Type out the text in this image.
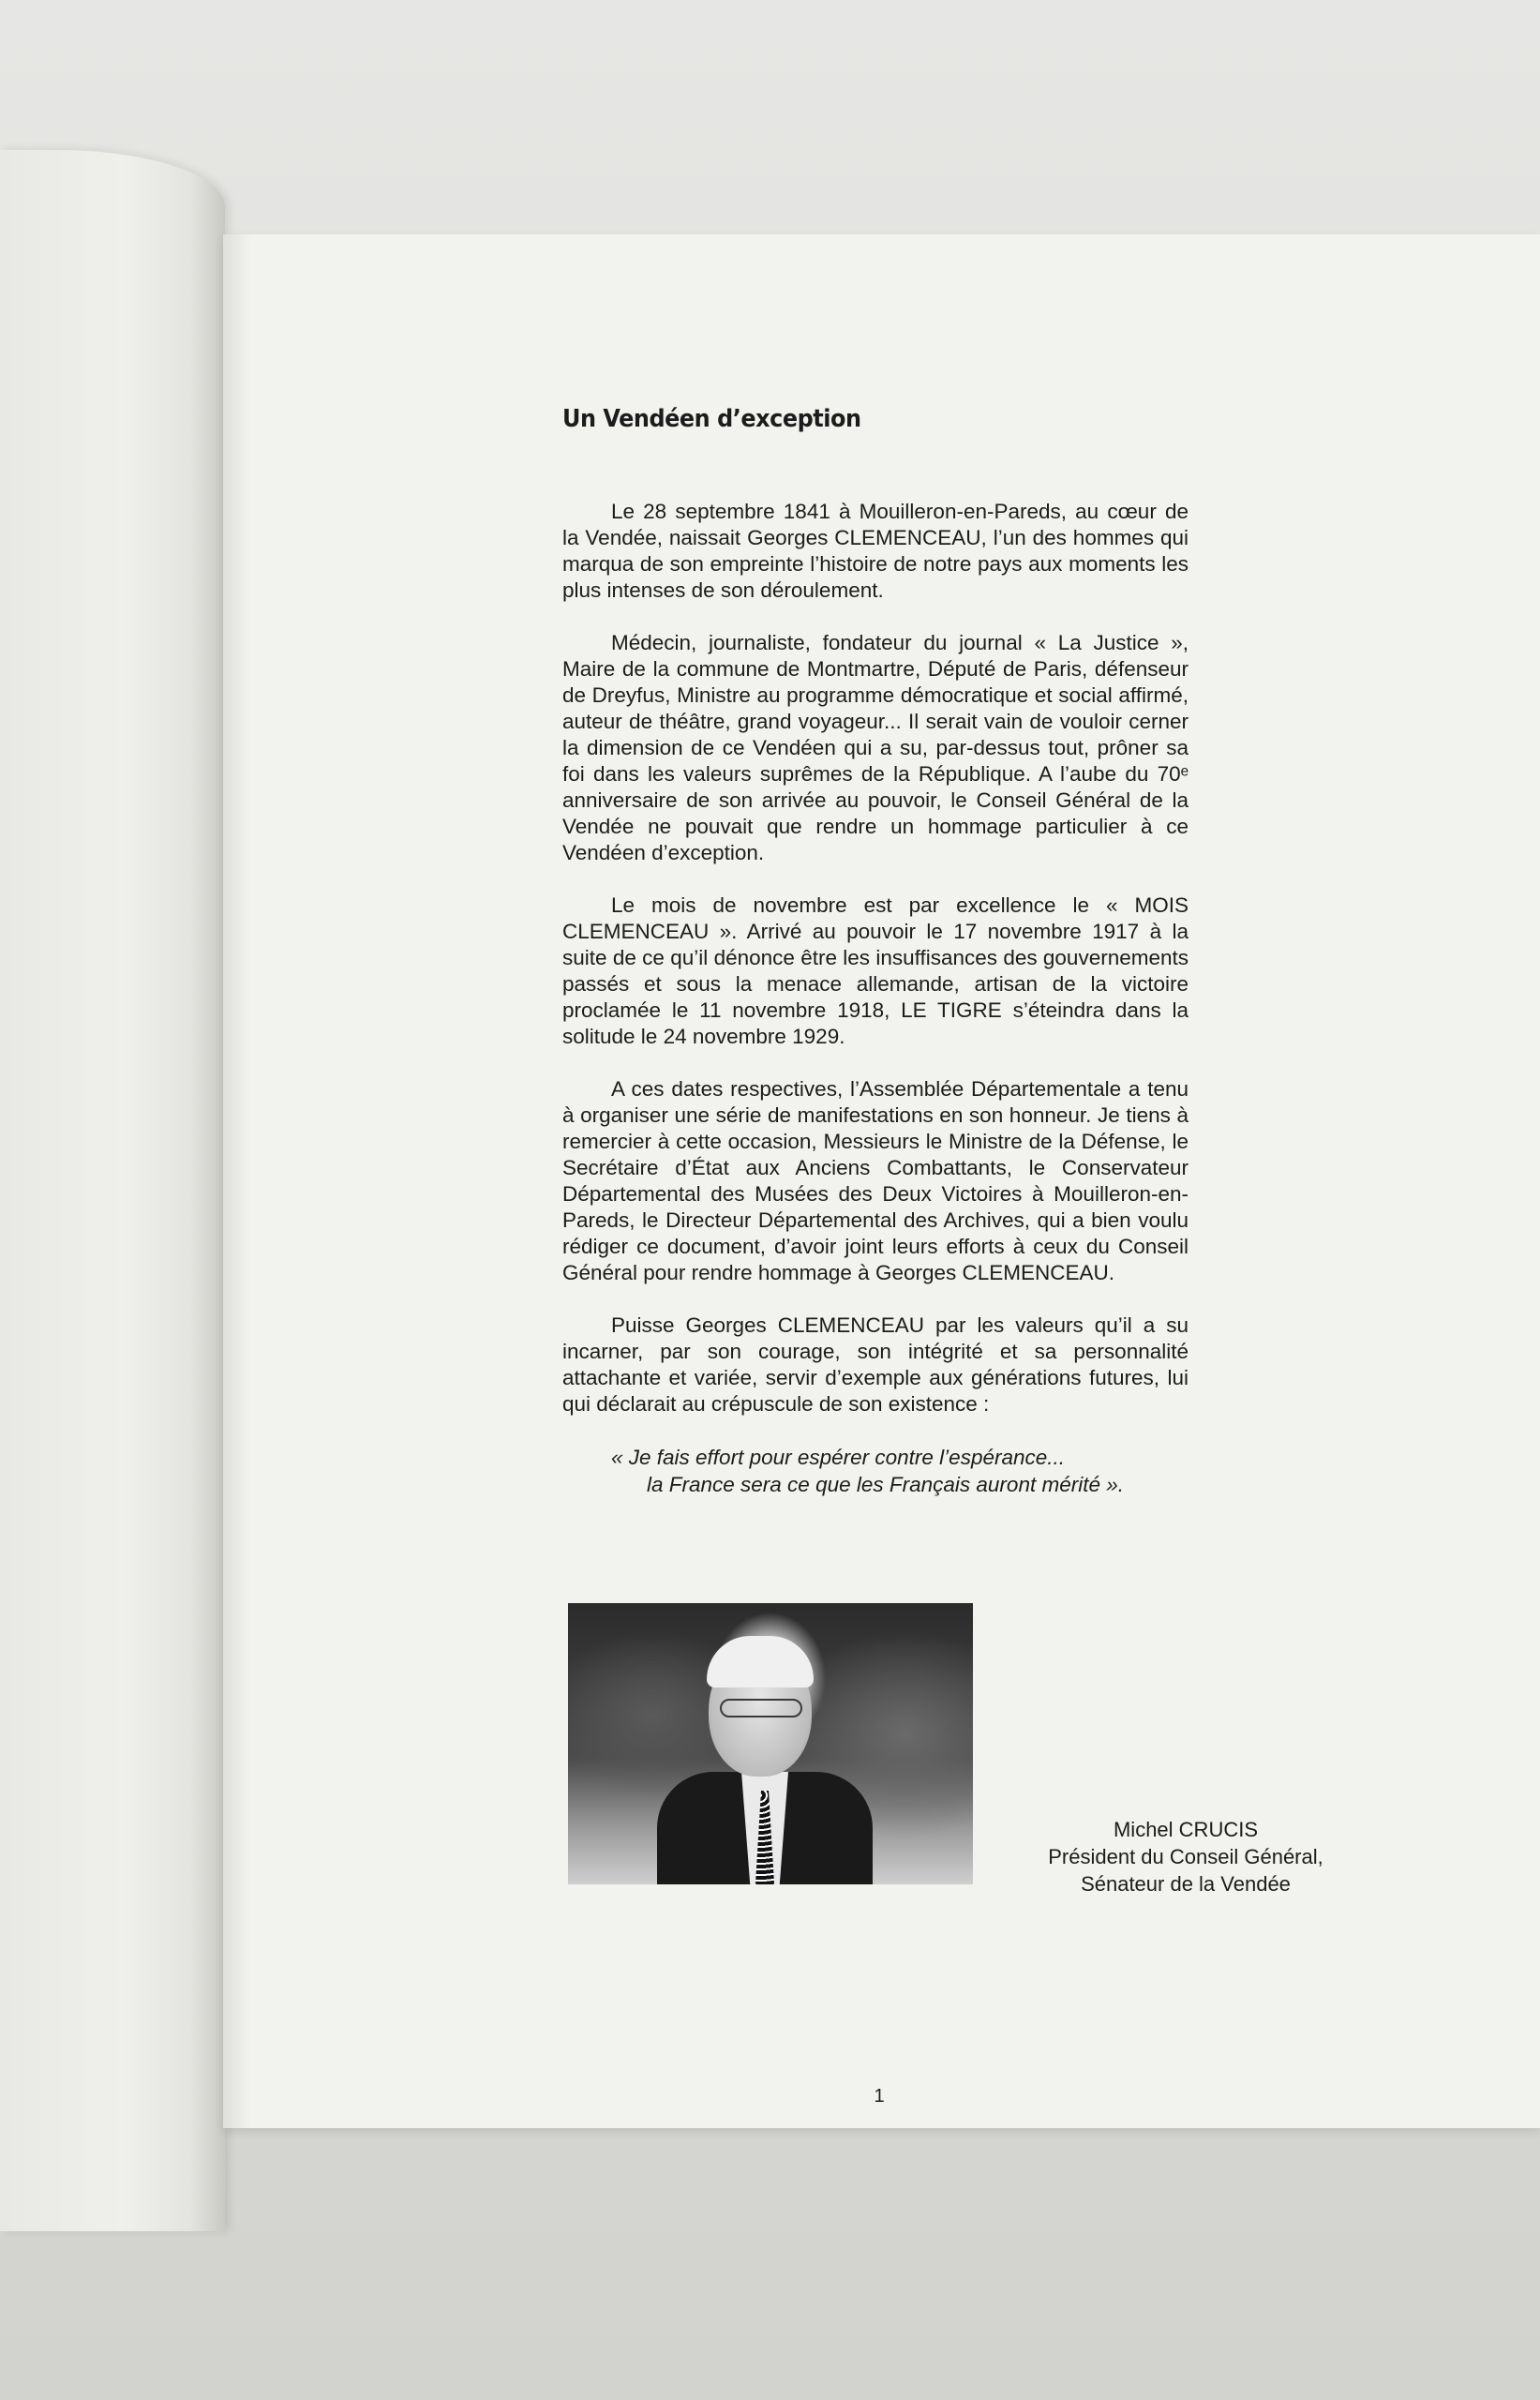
Un Vendéen d’exception

Le 28 septembre 1841 à Mouilleron-en-Pareds, au cœur de la Vendée, naissait Georges CLEMENCEAU, l’un des hommes qui marqua de son empreinte l’histoire de notre pays aux moments les plus intenses de son déroulement.

Médecin, journaliste, fondateur du journal « La Justice », Maire de la commune de Montmartre, Député de Paris, défenseur de Dreyfus, Ministre au programme démocratique et social affirmé, auteur de théâtre, grand voyageur... Il serait vain de vouloir cerner la dimension de ce Vendéen qui a su, par-dessus tout, prôner sa foi dans les valeurs suprêmes de la République. A l’aube du 70ᵉ anniversaire de son arrivée au pouvoir, le Conseil Général de la Vendée ne pouvait que rendre un hommage particulier à ce Vendéen d’exception.

Le mois de novembre est par excellence le « MOIS CLEMENCEAU ». Arrivé au pouvoir le 17 novembre 1917 à la suite de ce qu’il dénonce être les insuffisances des gouvernements passés et sous la menace allemande, artisan de la victoire proclamée le 11 novembre 1918, LE TIGRE s’éteindra dans la solitude le 24 novembre 1929.

A ces dates respectives, l’Assemblée Départementale a tenu à organiser une série de manifestations en son honneur. Je tiens à remercier à cette occasion, Messieurs le Ministre de la Défense, le Secrétaire d’État aux Anciens Combattants, le Conservateur Départemental des Musées des Deux Victoires à Mouilleron-en-Pareds, le Directeur Départemental des Archives, qui a bien voulu rédiger ce document, d’avoir joint leurs efforts à ceux du Conseil Général pour rendre hommage à Georges CLEMENCEAU.

Puisse Georges CLEMENCEAU par les valeurs qu’il a su incarner, par son courage, son intégrité et sa personnalité attachante et variée, servir d’exemple aux générations futures, lui qui déclarait au crépuscule de son existence :

« Je fais effort pour espérer contre l’espérance...
la France sera ce que les Français auront mérité ».
Michel CRUCIS
Président du Conseil Général,
Sénateur de la Vendée
1
